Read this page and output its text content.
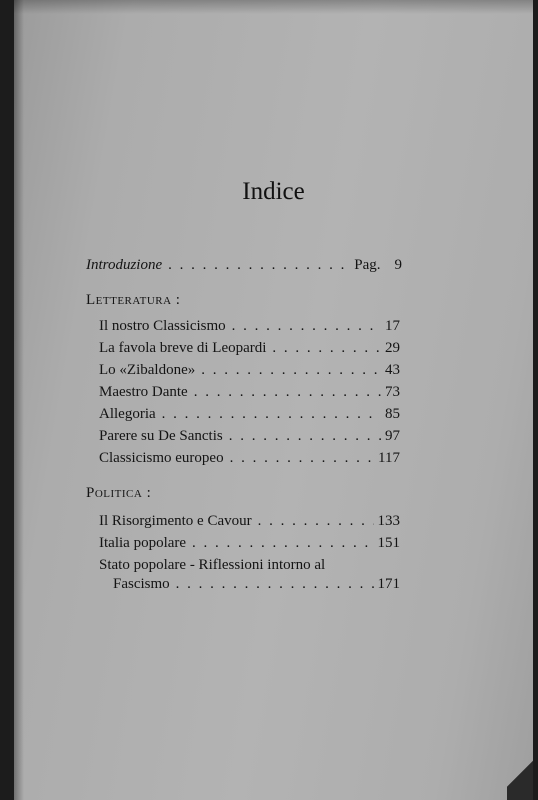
Indice
Introduzione . . .	Pag. 9
Letteratura :
Il nostro Classicismo . . .	17
La favola breve di Leopardi . . .	29
Lo «Zibaldone» . . .	43
Maestro Dante . . .	73
Allegoria . . .	85
Parere su De Sanctis . . .	97
Classicismo europeo . . .	117
Politica :
Il Risorgimento e Cavour . . .	133
Italia popolare . . .	151
Stato popolare - Riflessioni intorno al
Fascismo . . .	171
